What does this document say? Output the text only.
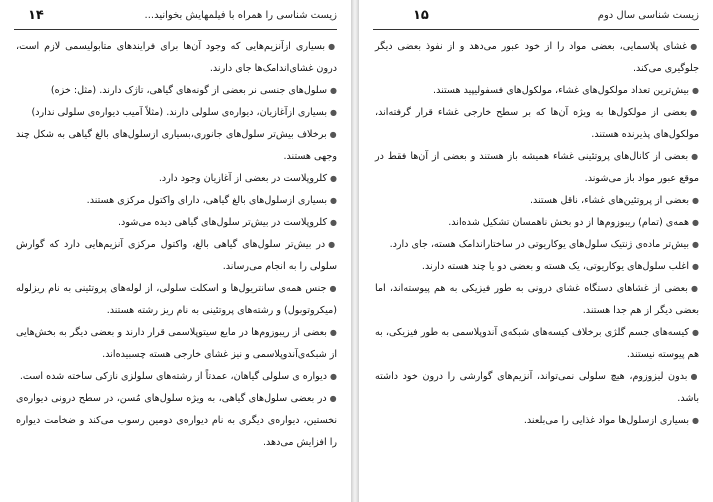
۱۴	زیست شناسی را همراه با فیلمهایش بخوانید...

●بسیاری ازآنزیم‌هایی که وجود آن‌ها برای فرایندهای متابولیسمی لازم است، درون غشای‌اندامک‌ها جای دارند.

●سلول‌های جنسی نر بعضی از گونه‌های گیاهی، تاژک دارند. (مثل: خزه)

●بسیاری ازآغازیان، دیواره‌ی سلولی دارند. (مثلاً آمیب دیواره‌ی سلولی ندارد)

●برخلاف بیش‌تر سلول‌های جانوری،بسیاری ازسلول‌های بالغ گیاهی به شکل چند وجهی هستند.

●کلروپلاست در بعضی از آغازیان وجود دارد.

●بسیاری ازسلول‌های بالغ گیاهی، دارای واکتول مرکزی هستند.

●کلروپلاست در بیش‌تر سلول‌های گیاهی دیده می‌شود.

●در بیش‌تر سلول‌های گیاهی بالغ، واکتول مرکزی آنزیم‌هایی دارد که گوارش سلولی را به انجام می‌رساند.

●جنس همه‌ی سانتریول‌ها و اسکلت سلولی، از لوله‌های پروتئینی به نام ریزلوله (میکروتوبول) و رشته‌های پروتئینی به نام ریز رشته هستند.

●بعضی از ریبوزوم‌ها در مایع سیتوپلاسمی قرار دارند و بعضی دیگر به بخش‌هایی از شبکه‌ی‌آندوپلاسمی و نیز غشای خارجی هسته چسبیده‌اند.

●دیواره ی سلولی گیاهان، عمدتاً از رشته‌های سلولزی نازکی ساخته شده است.

●در بعضی سلول‌های گیاهی، به ویژه سلول‌های مُسن، در سطح درونی دیواره‌ی نخستین، دیواره‌ی دیگری به نام دیواره‌ی دومین رسوب می‌کند و ضخامت دیواره را افزایش می‌دهد.

۱۵	زیست شناسی سال دوم

●غشای پلاسمایی، بعضی مواد را از خود عبور می‌دهد و از نفوذ بعضی دیگر جلوگیری می‌کند.

●بیش‌ترین تعداد مولکول‌های غشاء، مولکول‌های فسفولیپید هستند.

●بعضی از مولکول‌ها به ویژه آن‌ها که بر سطح خارجی غشاء قرار گرفته‌اند، مولکول‌های پذیرنده هستند.

●بعضی از کانال‌های پروتئینی غشاء همیشه باز هستند و بعضی از آن‌ها فقط در موقع عبور مواد باز می‌شوند.

●بعضی از پروتئین‌های غشاء، ناقل هستند.

●همه‌ی (تمام) ریبوزوم‌ها از دو بخش ناهمسان تشکیل شده‌اند.

●بیش‌تر ماده‌ی ژنتیک سلول‌های یوکاریوتی در ساختاراندامک هسته، جای دارد.

●اغلب سلول‌های یوکاریوتی، یک هسته و بعضی دو یا چند هسته دارند.

●بعضی از غشاهای دستگاه غشای درونی به طور فیزیکی به هم پیوسته‌اند، اما بعضی دیگر از هم جدا هستند.

●کیسه‌های جسم گلژی برخلاف کیسه‌های شبکه‌ی آندوپلاسمی به طور فیزیکی، به هم پیوسته نیستند.

●بدون لیزوزوم، هیچ سلولی نمی‌تواند، آنزیم‌های گوارشی را درون خود داشته باشد.

●بسیاری ازسلول‌ها مواد غذایی را می‌بلعند.
